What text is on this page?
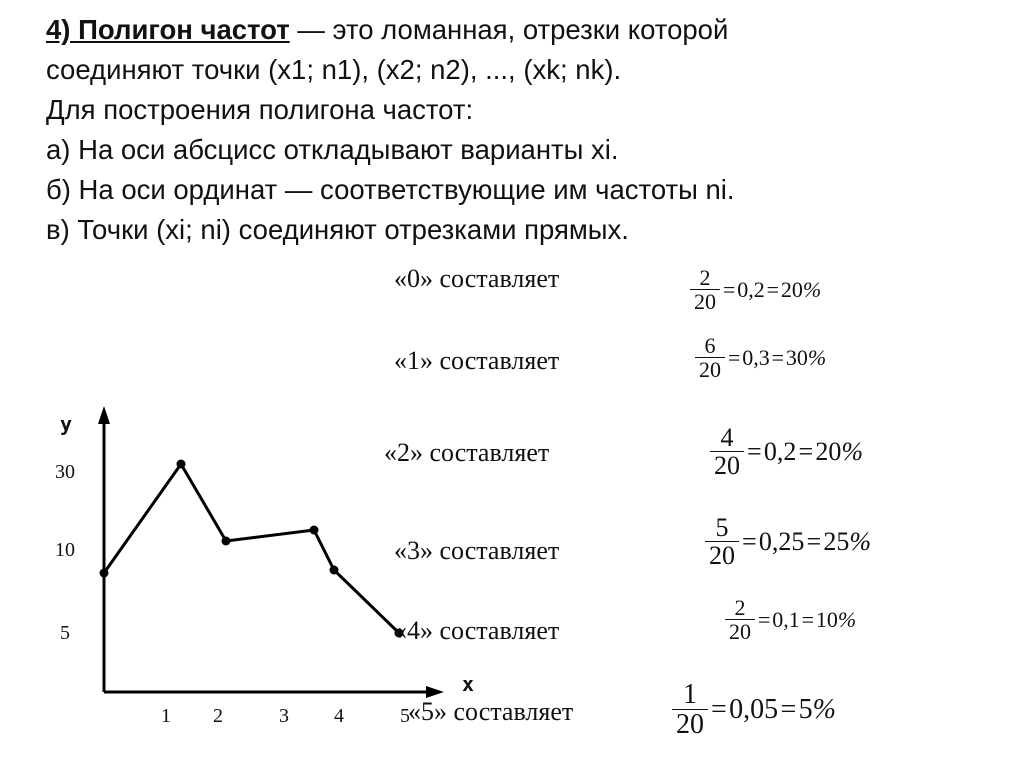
4) Полигон частот — это ломанная, отрезки которой
соединяют точки (x1; n1), (x2; n2), ..., (xk; nk).
Для построения полигона частот:
а) На оси абсцисс откладывают варианты xi.
б) На оси ординат — соответствующие им частоты ni.
в) Точки (xi; ni) соединяют отрезками прямых.
y
x
30
10
5
1 2	3 4	5
«0» составляет
«1» составляет
«2» составляет
«3» составляет
«4» составляет
«5» составляет
$\frac{2}{20}$ = 0,2 = 20%
$\frac{6}{20}$ = 0,3 = 30%
$\frac{4}{20}$ = 0,2 = 20%
$\frac{5}{20}$ = 0,25 = 25%
$\frac{2}{20}$ = 0,1 = 10%
$\frac{1}{20}$ = 0,05 = 5%
